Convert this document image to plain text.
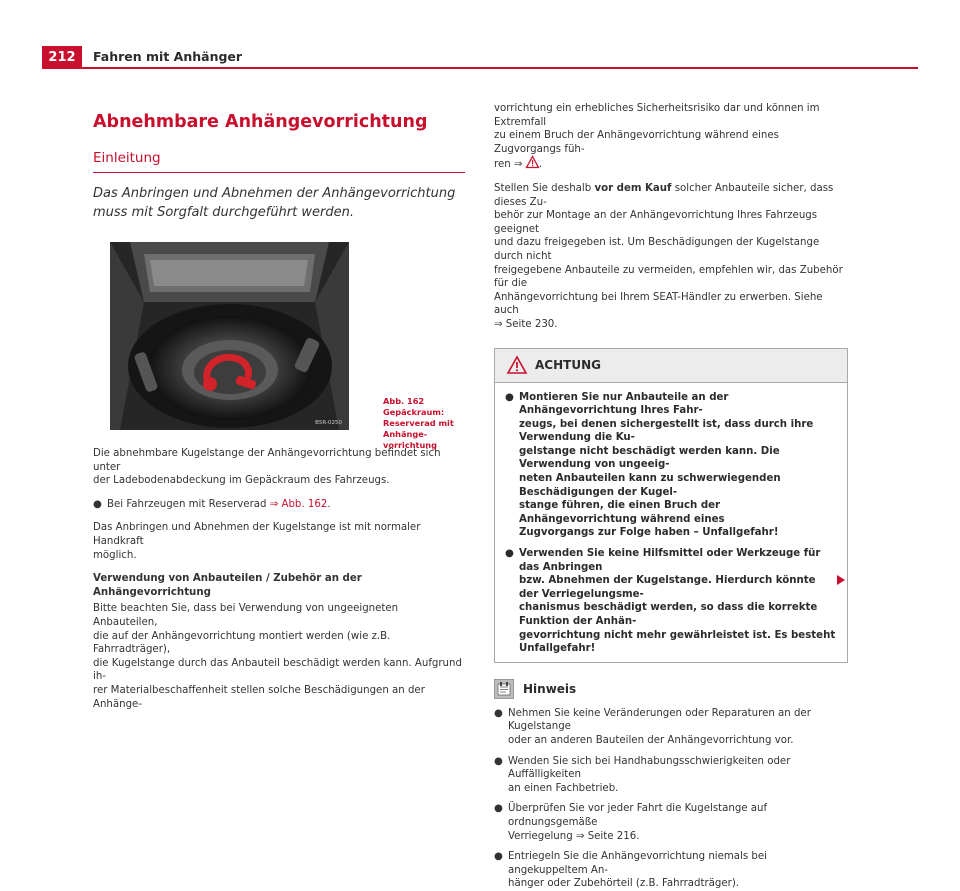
212	Fahren mit Anhänger
Abnehmbare Anhängevorrichtung
Einleitung
Das Anbringen und Abnehmen der Anhängevorrichtung
muss mit Sorgfalt durchgeführt werden.
B5R-0250
Abb. 162 Gepäckraum:
Reserverad mit Anhänge-
vorrichtung
Die abnehmbare Kugelstange der Anhängevorrichtung befindet sich unter
der Ladebodenabdeckung im Gepäckraum des Fahrzeugs.
● Bei Fahrzeugen mit Reserverad ⇒ Abb. 162.
Das Anbringen und Abnehmen der Kugelstange ist mit normaler Handkraft
möglich.
Verwendung von Anbauteilen / Zubehör an der Anhängevorrichtung
Bitte beachten Sie, dass bei Verwendung von ungeeigneten Anbauteilen,
die auf der Anhängevorrichtung montiert werden (wie z.B. Fahrradträger),
die Kugelstange durch das Anbauteil beschädigt werden kann. Aufgrund ih-
rer Materialbeschaffenheit stellen solche Beschädigungen an der Anhänge-
vorrichtung ein erhebliches Sicherheitsrisiko dar und können im Extremfall
zu einem Bruch der Anhängevorrichtung während eines Zugvorgangs füh-
ren ⇒ .
Stellen Sie deshalb vor dem Kauf solcher Anbauteile sicher, dass dieses Zu-
behör zur Montage an der Anhängevorrichtung Ihres Fahrzeugs geeignet
und dazu freigegeben ist. Um Beschädigungen der Kugelstange durch nicht
freigegebene Anbauteile zu vermeiden, empfehlen wir, das Zubehör für die
Anhängevorrichtung bei Ihrem SEAT-Händler zu erwerben. Siehe auch
⇒ Seite 230.
ACHTUNG
● Montieren Sie nur Anbauteile an der Anhängevorrichtung Ihres Fahr-
zeugs, bei denen sichergestellt ist, dass durch ihre Verwendung die Ku-
gelstange nicht beschädigt werden kann. Die Verwendung von ungeeig-
neten Anbauteilen kann zu schwerwiegenden Beschädigungen der Kugel-
stange führen, die einen Bruch der Anhängevorrichtung während eines
Zugvorgangs zur Folge haben – Unfallgefahr!
● Verwenden Sie keine Hilfsmittel oder Werkzeuge für das Anbringen
bzw. Abnehmen der Kugelstange. Hierdurch könnte der Verriegelungsme-
chanismus beschädigt werden, so dass die korrekte Funktion der Anhän-
gevorrichtung nicht mehr gewährleistet ist. Es besteht Unfallgefahr!
Hinweis
● Nehmen Sie keine Veränderungen oder Reparaturen an der Kugelstange
oder an anderen Bauteilen der Anhängevorrichtung vor.
● Wenden Sie sich bei Handhabungsschwierigkeiten oder Auffälligkeiten
an einen Fachbetrieb.
● Überprüfen Sie vor jeder Fahrt die Kugelstange auf ordnungsgemäße
Verriegelung ⇒ Seite 216.
● Entriegeln Sie die Anhängevorrichtung niemals bei angekuppeltem An-
hänger oder Zubehörteil (z.B. Fahrradträger).
